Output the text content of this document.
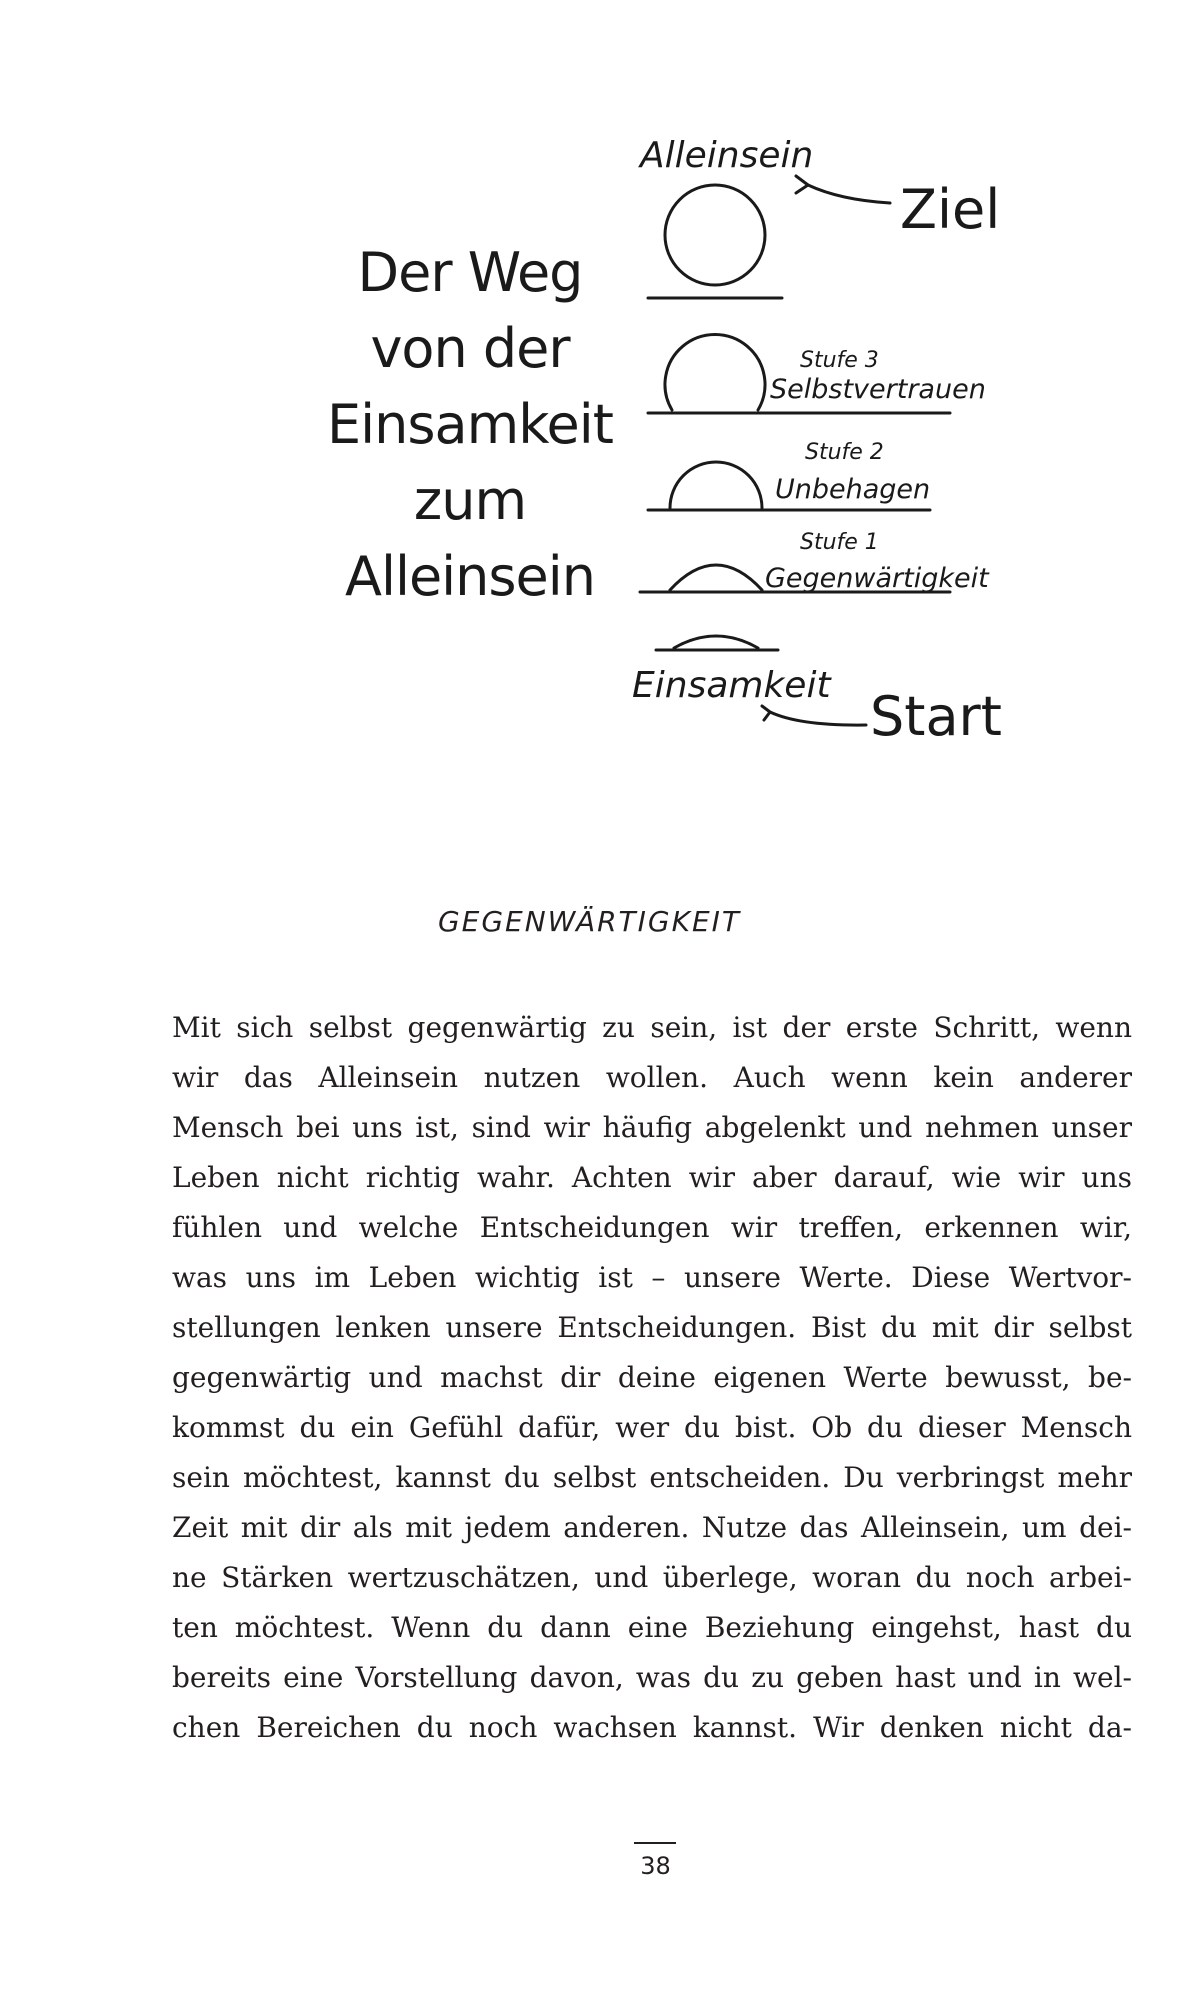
Der Weg
von der
Einsamkeit
zum
Alleinsein
Alleinsein
Ziel
Stufe 3
Selbstvertrauen
Stufe 2
Unbehagen
Stufe 1
Gegenwärtigkeit
Einsamkeit Start
GEGENWÄRTIGKEIT
Mit sich selbst gegenwärtig zu sein, ist der erste Schritt, wenn
wir das Alleinsein nutzen wollen. Auch wenn kein anderer
Mensch bei uns ist, sind wir häufig abgelenkt und nehmen unser
Leben nicht richtig wahr. Achten wir aber darauf, wie wir uns
fühlen und welche Entscheidungen wir treffen, erkennen wir,
was uns im Leben wichtig ist – unsere Werte. Diese Wertvor-
stellungen lenken unsere Entscheidungen. Bist du mit dir selbst
gegenwärtig und machst dir deine eigenen Werte bewusst, be-
kommst du ein Gefühl dafür, wer du bist. Ob du dieser Mensch
sein möchtest, kannst du selbst entscheiden. Du verbringst mehr
Zeit mit dir als mit jedem anderen. Nutze das Alleinsein, um dei-
ne Stärken wertzuschätzen, und überlege, woran du noch arbei-
ten möchtest. Wenn du dann eine Beziehung eingehst, hast du
bereits eine Vorstellung davon, was du zu geben hast und in wel-
chen Bereichen du noch wachsen kannst. Wir denken nicht da-
38
